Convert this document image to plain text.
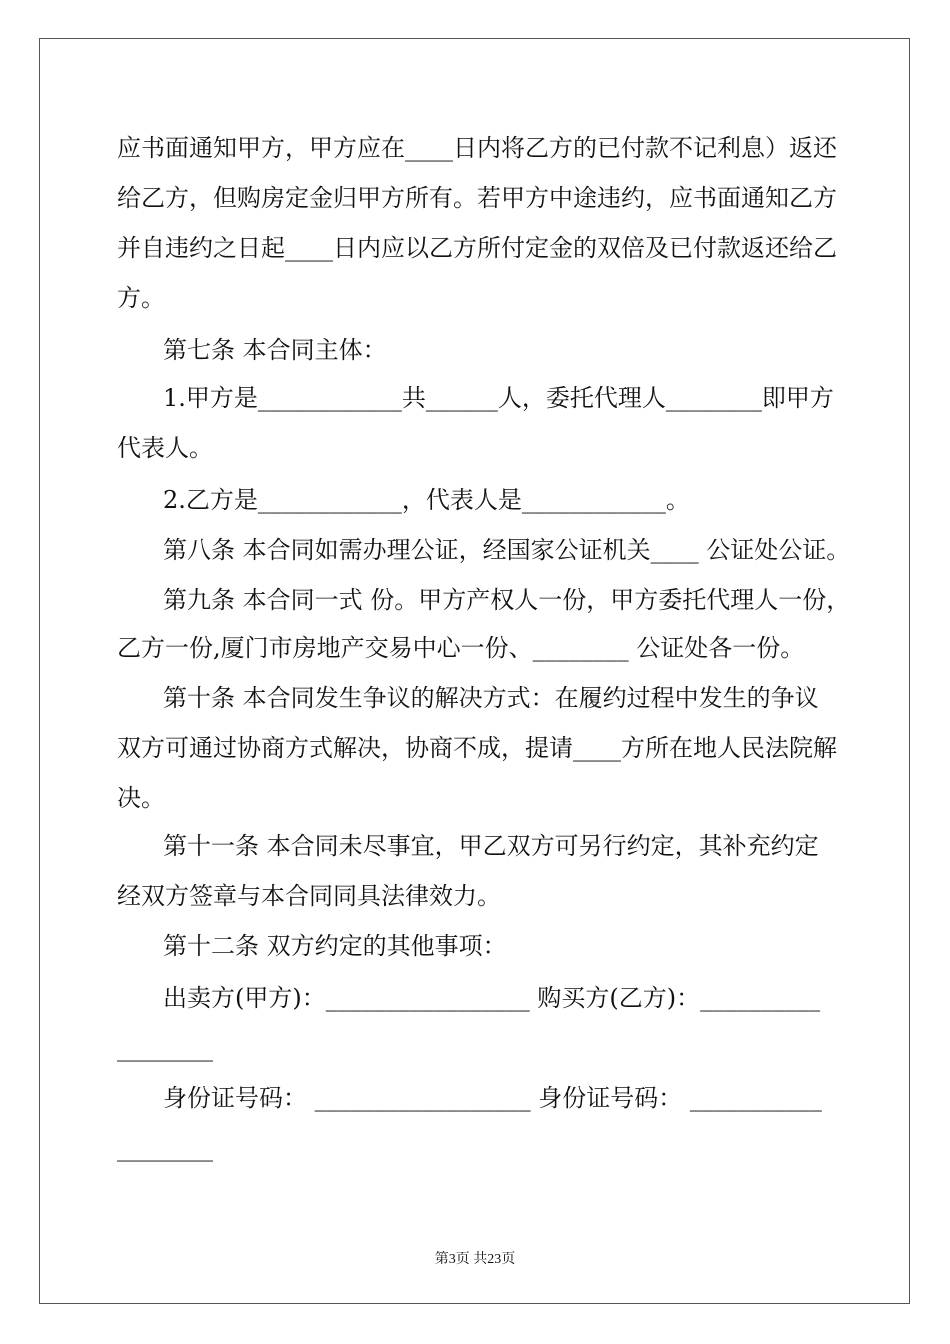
应书面通知甲方，甲方应在____日内将乙方的已付款不记利息）返还
给乙方，但购房定金归甲方所有。若甲方中途违约，应书面通知乙方
并自违约之日起____日内应以乙方所付定金的双倍及已付款返还给乙
方。
第七条 本合同主体：
1.甲方是____________共______人，委托代理人________即甲方
代表人。
2.乙方是____________，代表人是____________。
第八条 本合同如需办理公证，经国家公证机关____ 公证处公证。
第九条 本合同一式 份。甲方产权人一份，甲方委托代理人一份，
乙方一份,厦门市房地产交易中心一份、________ 公证处各一份。
第十条 本合同发生争议的解决方式：在履约过程中发生的争议
双方可通过协商方式解决，协商不成，提请____方所在地人民法院解
决。
第十一条 本合同未尽事宜，甲乙双方可另行约定，其补充约定
经双方签章与本合同同具法律效力。
第十二条 双方约定的其他事项：
出卖方(甲方)：_________________ 购买方(乙方)：__________
________
身份证号码： __________________ 身份证号码： ___________
________
第3页 共23页
